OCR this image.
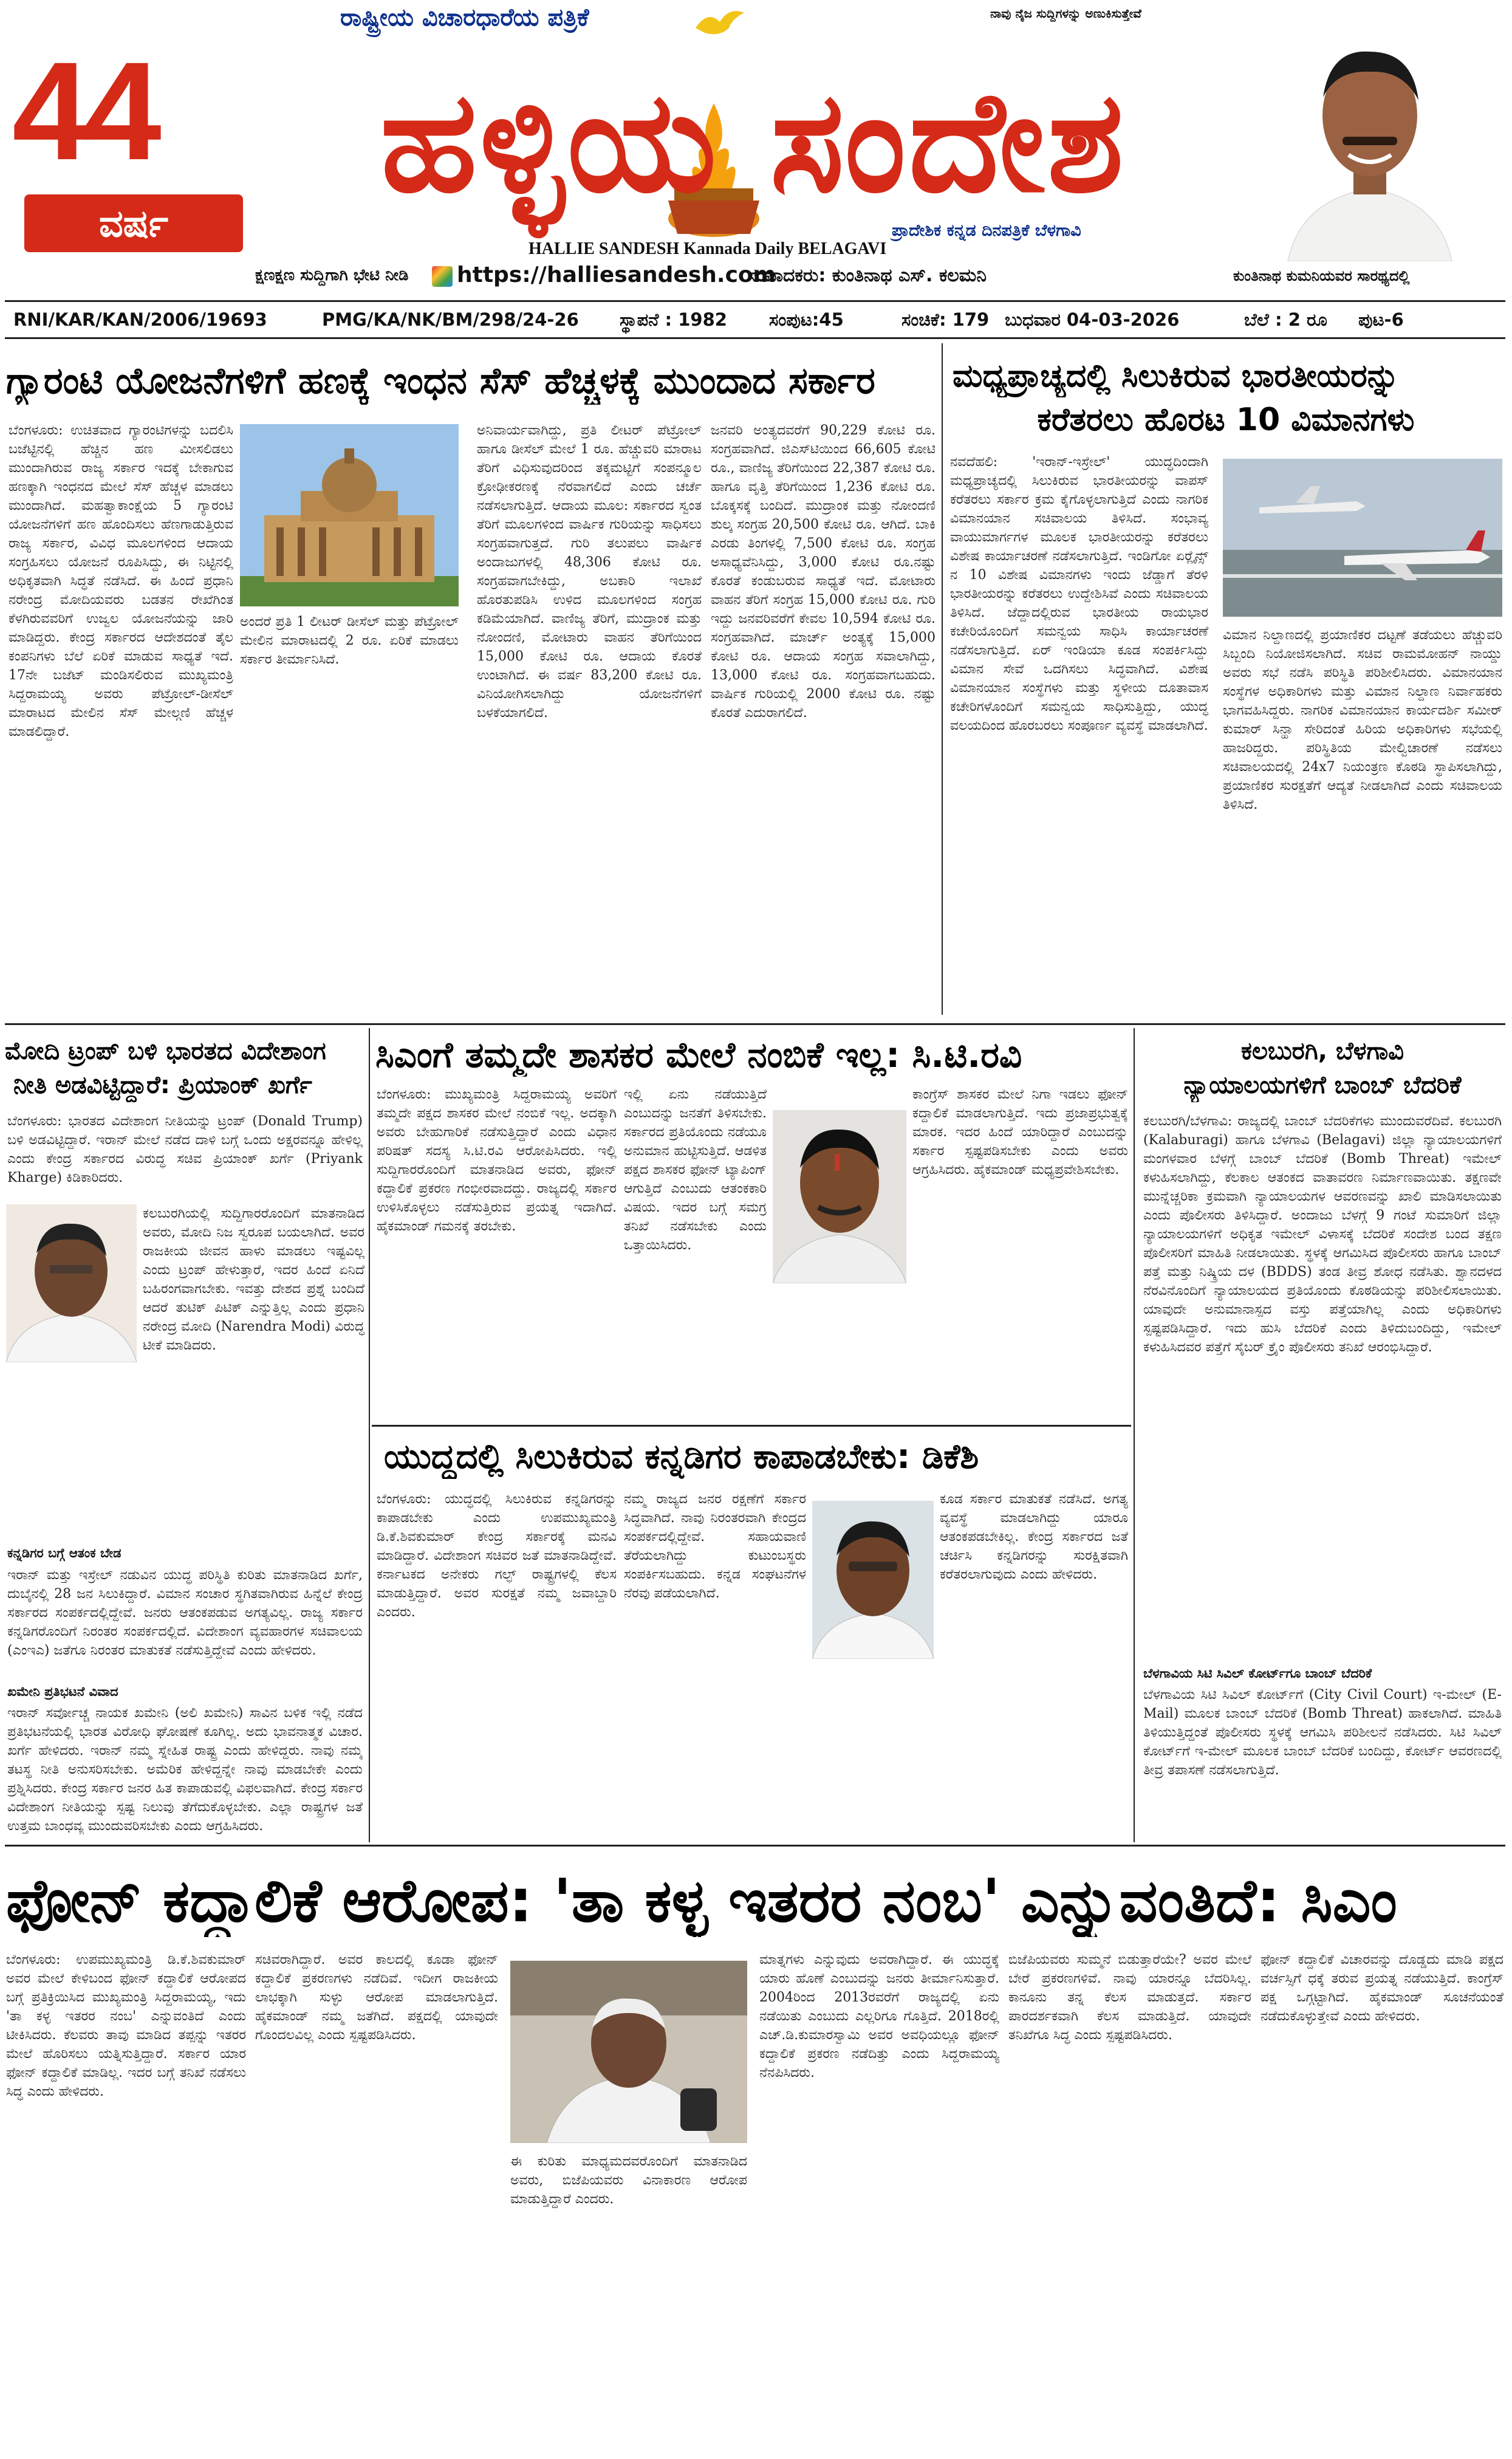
ರಾಷ್ಟ್ರೀಯ ವಿಚಾರಧಾರೆಯ ಪತ್ರಿಕೆ	ನಾವು ನೈಜ ಸುದ್ದಿಗಳನ್ನು ಅಣುಕಿಸುತ್ತೇವೆ
44
ವರ್ಷ	ಹಳ್ಳಿಯ ಸಂದೇಶ
ಪ್ರಾದೇಶಿಕ ಕನ್ನಡ ದಿನಪತ್ರಿಕೆ ಬೆಳಗಾವಿ
HALLIE SANDESH Kannada Daily BELAGAVI
ಕ್ಷಣಕ್ಷಣ ಸುದ್ದಿಗಾಗಿ ಭೇಟಿ ನೀಡಿ https://halliesandesh.com
ಸಂಪಾದಕರು: ಕುಂತಿನಾಥ ಎಸ್. ಕಲಮನಿ	ಕುಂತಿನಾಥ ಕುಮನಿಯವರ ಸಾರಥ್ಯದಲ್ಲಿ
RNI/KAR/KAN/2006/19693	PMG/KA/NK/BM/298/24-26 ಸ್ಥಾಪನೆ : 1982 ಸಂಪುಟ:45	ಸಂಚಿಕೆ: 179 ಬುಧವಾರ 04-03-2026	ಬೆಲೆ : 2 ರೂ ಪುಟ-6
ಗ್ಯಾರಂಟಿ ಯೋಜನೆಗಳಿಗೆ ಹಣಕ್ಕೆ ಇಂಧನ ಸೆಸ್ ಹೆಚ್ಚಳಕ್ಕೆ ಮುಂದಾದ ಸರ್ಕಾರ
ಬೆಂಗಳೂರು: ಉಚಿತವಾದ ಗ್ಯಾರಂಟಿಗಳನ್ನು ಬದಲಿಸಿ ಬಜೆಟ್ಟಿನಲ್ಲಿ ಹೆಚ್ಚಿನ ಹಣ ಮೀಸಲಿಡಲು ಮುಂದಾಗಿರುವ ರಾಜ್ಯ ಸರ್ಕಾರ ಇದಕ್ಕೆ ಬೇಕಾಗುವ ಹಣಕ್ಕಾಗಿ ಇಂಧನದ ಮೇಲೆ ಸೆಸ್ ಹೆಚ್ಚಳ ಮಾಡಲು ಮುಂದಾಗಿದೆ. ಮಹತ್ವಾಕಾಂಕ್ಷೆಯ 5 ಗ್ಯಾರಂಟಿ ಯೋಜನೆಗಳಿಗೆ ಹಣ ಹೊಂದಿಸಲು ಹೆಣಗಾಡುತ್ತಿರುವ ರಾಜ್ಯ ಸರ್ಕಾರ, ವಿವಿಧ ಮೂಲಗಳಿಂದ ಆದಾಯ ಸಂಗ್ರಹಿಸಲು ಯೋಜನೆ ರೂಪಿಸಿದ್ದು, ಈ ನಿಟ್ಟಿನಲ್ಲಿ ಅಧಿಕೃತವಾಗಿ ಸಿದ್ಧತೆ ನಡೆಸಿದೆ. ಈ ಹಿಂದೆ ಪ್ರಧಾನಿ ನರೇಂದ್ರ ಮೋದಿಯವರು ಬಡತನ ರೇಖೆಗಿಂತ ಕೆಳಗಿರುವವರಿಗೆ ಉಜ್ವಲ ಯೋಜನೆಯನ್ನು ಜಾರಿ ಮಾಡಿದ್ದರು. ಕೇಂದ್ರ ಸರ್ಕಾರದ ಆದೇಶದಂತೆ ತೈಲ ಕಂಪನಿಗಳು ಬೆಲೆ ಏರಿಕೆ ಮಾಡುವ ಸಾಧ್ಯತೆ ಇದೆ. 17ನೇ ಬಜೆಟ್ ಮಂಡಿಸಲಿರುವ ಮುಖ್ಯಮಂತ್ರಿ ಸಿದ್ದರಾಮಯ್ಯ ಅವರು ಪೆಟ್ರೋಲ್-ಡೀಸೆಲ್ ಮಾರಾಟದ ಮೇಲಿನ ಸೆಸ್ ಮೇಲ್ಗಣಿ ಹೆಚ್ಚಳ ಮಾಡಲಿದ್ದಾರೆ.
ಅಂದರೆ ಪ್ರತಿ 1 ಲೀಟರ್ ಡೀಸೆಲ್ ಮತ್ತು ಪೆಟ್ರೋಲ್ ಮೇಲಿನ ಮಾರಾಟದಲ್ಲಿ 2 ರೂ. ಏರಿಕೆ ಮಾಡಲು ಸರ್ಕಾರ ತೀರ್ಮಾನಿಸಿದೆ.
ಅನಿವಾರ್ಯವಾಗಿದ್ದು, ಪ್ರತಿ ಲೀಟರ್ ಪೆಟ್ರೋಲ್ ಹಾಗೂ ಡೀಸೆಲ್ ಮೇಲೆ 1 ರೂ. ಹೆಚ್ಚುವರಿ ಮಾರಾಟ ತೆರಿಗೆ ವಿಧಿಸುವುದರಿಂದ ತಕ್ಕಮಟ್ಟಿಗೆ ಸಂಪನ್ಮೂಲ ಕ್ರೋಢೀಕರಣಕ್ಕೆ ನೆರವಾಗಲಿದೆ ಎಂದು ಚರ್ಚೆ ನಡೆಸಲಾಗುತ್ತಿದೆ. ಆದಾಯ ಮೂಲ: ಸರ್ಕಾರದ ಸ್ವಂತ ತೆರಿಗೆ ಮೂಲಗಳಿಂದ ವಾರ್ಷಿಕ ಗುರಿಯನ್ನು ಸಾಧಿಸಲು ಸಂಗ್ರಹವಾಗುತ್ತದೆ. ಗುರಿ ತಲುಪಲು ವಾರ್ಷಿಕ ಅಂದಾಜುಗಳಲ್ಲಿ 48,306 ಕೋಟಿ ರೂ. ಸಂಗ್ರಹವಾಗಬೇಕಿದ್ದು, ಅಬಕಾರಿ ಇಲಾಖೆ ಹೊರತುಪಡಿಸಿ ಉಳಿದ ಮೂಲಗಳಿಂದ ಸಂಗ್ರಹ ಕಡಿಮೆಯಾಗಿದೆ. ವಾಣಿಜ್ಯ ತೆರಿಗೆ, ಮುದ್ರಾಂಕ ಮತ್ತು ನೋಂದಣಿ, ಮೋಟಾರು ವಾಹನ ತೆರಿಗೆಯಿಂದ 15,000 ಕೋಟಿ ರೂ. ಆದಾಯ ಕೊರತೆ ಉಂಟಾಗಿದೆ. ಈ ವರ್ಷ 83,200 ಕೋಟಿ ರೂ. ವಿನಿಯೋಗಿಸಲಾಗಿದ್ದು ಯೋಜನೆಗಳಿಗೆ ಬಳಕೆಯಾಗಲಿದೆ.
ಜನವರಿ ಅಂತ್ಯದವರೆಗೆ 90,229 ಕೋಟಿ ರೂ. ಸಂಗ್ರಹವಾಗಿದೆ. ಜಿಎಸ್‍ಟಿಯಿಂದ 66,605 ಕೋಟಿ ರೂ., ವಾಣಿಜ್ಯ ತೆರಿಗೆಯಿಂದ 22,387 ಕೋಟಿ ರೂ. ಹಾಗೂ ವೃತ್ತಿ ತೆರಿಗೆಯಿಂದ 1,236 ಕೋಟಿ ರೂ. ಬೊಕ್ಕಸಕ್ಕೆ ಬಂದಿದೆ. ಮುದ್ರಾಂಕ ಮತ್ತು ನೋಂದಣಿ ಶುಲ್ಕ ಸಂಗ್ರಹ 20,500 ಕೋಟಿ ರೂ. ಆಗಿದೆ. ಬಾಕಿ ಎರಡು ತಿಂಗಳಲ್ಲಿ 7,500 ಕೋಟಿ ರೂ. ಸಂಗ್ರಹ ಅಸಾಧ್ಯವೆನಿಸಿದ್ದು, 3,000 ಕೋಟಿ ರೂ.ನಷ್ಟು ಕೊರತೆ ಕಂಡುಬರುವ ಸಾಧ್ಯತೆ ಇದೆ. ಮೋಟಾರು ವಾಹನ ತೆರಿಗೆ ಸಂಗ್ರಹ 15,000 ಕೋಟಿ ರೂ. ಗುರಿ ಇದ್ದು ಜನವರಿವರೆಗೆ ಕೇವಲ 10,594 ಕೋಟಿ ರೂ. ಸಂಗ್ರಹವಾಗಿದೆ. ಮಾರ್ಚ್ ಅಂತ್ಯಕ್ಕೆ 15,000 ಕೋಟಿ ರೂ. ಆದಾಯ ಸಂಗ್ರಹ ಸವಾಲಾಗಿದ್ದು, 13,000 ಕೋಟಿ ರೂ. ಸಂಗ್ರಹವಾಗಬಹುದು. ವಾರ್ಷಿಕ ಗುರಿಯಲ್ಲಿ 2000 ಕೋಟಿ ರೂ. ನಷ್ಟು ಕೊರತೆ ಎದುರಾಗಲಿದೆ.
ಮಧ್ಯಪ್ರಾಚ್ಯದಲ್ಲಿ ಸಿಲುಕಿರುವ ಭಾರತೀಯರನ್ನು
ಕರೆತರಲು ಹೊರಟ 10 ವಿಮಾನಗಳು
ನವದೆಹಲಿ: 'ಇರಾನ್-ಇಸ್ರೇಲ್' ಯುದ್ಧದಿಂದಾಗಿ ಮಧ್ಯಪ್ರಾಚ್ಯದಲ್ಲಿ ಸಿಲುಕಿರುವ ಭಾರತೀಯರನ್ನು ವಾಪಸ್ ಕರೆತರಲು ಸರ್ಕಾರ ಕ್ರಮ ಕೈಗೊಳ್ಳಲಾಗುತ್ತಿದೆ ಎಂದು ನಾಗರಿಕ ವಿಮಾನಯಾನ ಸಚಿವಾಲಯ ತಿಳಿಸಿದೆ. ಸಂಭಾವ್ಯ ವಾಯುಮಾರ್ಗಗಳ ಮೂಲಕ ಭಾರತೀಯರನ್ನು ಕರೆತರಲು ವಿಶೇಷ ಕಾರ್ಯಾಚರಣೆ ನಡೆಸಲಾಗುತ್ತಿದೆ. ಇಂಡಿಗೋ ಏರ್‍ಲೈನ್ಸ್ ನ 10 ವಿಶೇಷ ವಿಮಾನಗಳು ಇಂದು ಜೆಡ್ಡಾಗೆ ತೆರಳಿ ಭಾರತೀಯರನ್ನು ಕರೆತರಲು ಉದ್ದೇಶಿಸಿವೆ ಎಂದು ಸಚಿವಾಲಯ ತಿಳಿಸಿದೆ. ಜೆದ್ದಾದಲ್ಲಿರುವ ಭಾರತೀಯ ರಾಯಭಾರ ಕಚೇರಿಯೊಂದಿಗೆ ಸಮನ್ವಯ ಸಾಧಿಸಿ ಕಾರ್ಯಾಚರಣೆ ನಡೆಸಲಾಗುತ್ತಿದೆ. ಏರ್ ಇಂಡಿಯಾ ಕೂಡ ಸಂಪರ್ಕಿಸಿದ್ದು ವಿಮಾನ ಸೇವೆ ಒದಗಿಸಲು ಸಿದ್ಧವಾಗಿದೆ. ವಿಶೇಷ ವಿಮಾನಯಾನ ಸಂಸ್ಥೆಗಳು ಮತ್ತು ಸ್ಥಳೀಯ ದೂತಾವಾಸ ಕಚೇರಿಗಳೊಂದಿಗೆ ಸಮನ್ವಯ ಸಾಧಿಸುತ್ತಿದ್ದು, ಯುದ್ಧ ವಲಯದಿಂದ ಹೊರಬರಲು ಸಂಪೂರ್ಣ ವ್ಯವಸ್ಥೆ ಮಾಡಲಾಗಿದೆ.
ವಿಮಾನ ನಿಲ್ದಾಣದಲ್ಲಿ ಪ್ರಯಾಣಿಕರ ದಟ್ಟಣೆ ತಡೆಯಲು ಹೆಚ್ಚುವರಿ ಸಿಬ್ಬಂದಿ ನಿಯೋಜಿಸಲಾಗಿದೆ. ಸಚಿವ ರಾಮಮೋಹನ್ ನಾಯ್ಡು ಅವರು ಸಭೆ ನಡೆಸಿ ಪರಿಸ್ಥಿತಿ ಪರಿಶೀಲಿಸಿದರು. ವಿಮಾನಯಾನ ಸಂಸ್ಥೆಗಳ ಅಧಿಕಾರಿಗಳು ಮತ್ತು ವಿಮಾನ ನಿಲ್ದಾಣ ನಿರ್ವಾಹಕರು ಭಾಗವಹಿಸಿದ್ದರು. ನಾಗರಿಕ ವಿಮಾನಯಾನ ಕಾರ್ಯದರ್ಶಿ ಸಮೀರ್ ಕುಮಾರ್ ಸಿನ್ಹಾ ಸೇರಿದಂತೆ ಹಿರಿಯ ಅಧಿಕಾರಿಗಳು ಸಭೆಯಲ್ಲಿ ಹಾಜರಿದ್ದರು. ಪರಿಸ್ಥಿತಿಯ ಮೇಲ್ವಿಚಾರಣೆ ನಡೆಸಲು ಸಚಿವಾಲಯದಲ್ಲಿ 24x7 ನಿಯಂತ್ರಣ ಕೊಠಡಿ ಸ್ಥಾಪಿಸಲಾಗಿದ್ದು, ಪ್ರಯಾಣಿಕರ ಸುರಕ್ಷತೆಗೆ ಆದ್ಯತೆ ನೀಡಲಾಗಿದೆ ಎಂದು ಸಚಿವಾಲಯ ತಿಳಿಸಿದೆ.
ಮೋದಿ ಟ್ರಂಪ್ ಬಳಿ ಭಾರತದ ವಿದೇಶಾಂಗ
ನೀತಿ ಅಡವಿಟ್ಟಿದ್ದಾರೆ: ಪ್ರಿಯಾಂಕ್ ಖರ್ಗೆ
ಬೆಂಗಳೂರು: ಭಾರತದ ವಿದೇಶಾಂಗ ನೀತಿಯನ್ನು ಟ್ರಂಪ್ (Donald Trump) ಬಳಿ ಅಡವಿಟ್ಟಿದ್ದಾರೆ. ಇರಾನ್ ಮೇಲೆ ನಡೆದ ದಾಳಿ ಬಗ್ಗೆ ಒಂದು ಅಕ್ಷರವನ್ನೂ ಹೇಳಿಲ್ಲ ಎಂದು ಕೇಂದ್ರ ಸರ್ಕಾರದ ವಿರುದ್ಧ ಸಚಿವ ಪ್ರಿಯಾಂಕ್ ಖರ್ಗೆ (Priyank Kharge) ಕಿಡಿಕಾರಿದರು.
ಕಲಬುರಗಿಯಲ್ಲಿ ಸುದ್ದಿಗಾರರೊಂದಿಗೆ ಮಾತನಾಡಿದ ಅವರು, ಮೋದಿ ನಿಜ ಸ್ವರೂಪ ಬಯಲಾಗಿದೆ. ಅವರ ರಾಜಕೀಯ ಜೀವನ ಹಾಳು ಮಾಡಲು ಇಷ್ಟವಿಲ್ಲ ಎಂದು ಟ್ರಂಪ್ ಹೇಳುತ್ತಾರೆ, ಇದರ ಹಿಂದೆ ಏನಿದೆ ಬಹಿರಂಗವಾಗಬೇಕು. ಇವತ್ತು ದೇಶದ ಪ್ರಶ್ನೆ ಬಂದಿದೆ ಆದರೆ ತುಟಿಕ್ ಪಿಟಿಕ್ ಎನ್ನುತ್ತಿಲ್ಲ ಎಂದು ಪ್ರಧಾನಿ ನರೇಂದ್ರ ಮೋದಿ (Narendra Modi) ವಿರುದ್ಧ ಟೀಕೆ ಮಾಡಿದರು.
ಕನ್ನಡಿಗರ ಬಗ್ಗೆ ಆತಂಕ ಬೇಡ
ಇರಾನ್ ಮತ್ತು ಇಸ್ರೇಲ್ ನಡುವಿನ ಯುದ್ಧ ಪರಿಸ್ಥಿತಿ ಕುರಿತು ಮಾತನಾಡಿದ ಖರ್ಗೆ, ದುಬೈನಲ್ಲಿ 28 ಜನ ಸಿಲುಕಿದ್ದಾರೆ. ವಿಮಾನ ಸಂಚಾರ ಸ್ಥಗಿತವಾಗಿರುವ ಹಿನ್ನೆಲೆ ಕೇಂದ್ರ ಸರ್ಕಾರದ ಸಂಪರ್ಕದಲ್ಲಿದ್ದೇವೆ. ಜನರು ಆತಂಕಪಡುವ ಅಗತ್ಯವಿಲ್ಲ. ರಾಜ್ಯ ಸರ್ಕಾರ ಕನ್ನಡಿಗರೊಂದಿಗೆ ನಿರಂತರ ಸಂಪರ್ಕದಲ್ಲಿದೆ. ವಿದೇಶಾಂಗ ವ್ಯವಹಾರಗಳ ಸಚಿವಾಲಯ (ಎಂಇಎ) ಜತೆಗೂ ನಿರಂತರ ಮಾತುಕತೆ ನಡೆಸುತ್ತಿದ್ದೇವೆ ಎಂದು ಹೇಳಿದರು.
ಖಮೇನಿ ಪ್ರತಿಭಟನೆ ವಿವಾದ
ಇರಾನ್ ಸರ್ವೋಚ್ಚ ನಾಯಕ ಖಮೇನಿ (ಅಲಿ ಖಮೇನಿ) ಸಾವಿನ ಬಳಿಕ ಇಲ್ಲಿ ನಡೆದ ಪ್ರತಿಭಟನೆಯಲ್ಲಿ ಭಾರತ ವಿರೋಧಿ ಘೋಷಣೆ ಕೂಗಿಲ್ಲ. ಅದು ಭಾವನಾತ್ಮಕ ವಿಚಾರ. ಖರ್ಗೆ ಹೇಳಿದರು. ಇರಾನ್ ನಮ್ಮ ಸ್ನೇಹಿತ ರಾಷ್ಟ್ರ ಎಂದು ಹೇಳಿದ್ದರು. ನಾವು ನಮ್ಮ ತಟಸ್ಥ ನೀತಿ ಅನುಸರಿಸಬೇಕು. ಅಮೆರಿಕ ಹೇಳಿದ್ದನ್ನೇ ನಾವು ಮಾಡಬೇಕೇ ಎಂದು ಪ್ರಶ್ನಿಸಿದರು. ಕೇಂದ್ರ ಸರ್ಕಾರ ಜನರ ಹಿತ ಕಾಪಾಡುವಲ್ಲಿ ವಿಫಲವಾಗಿದೆ. ಕೇಂದ್ರ ಸರ್ಕಾರ ವಿದೇಶಾಂಗ ನೀತಿಯನ್ನು ಸ್ಪಷ್ಟ ನಿಲುವು ತೆಗೆದುಕೊಳ್ಳಬೇಕು. ಎಲ್ಲಾ ರಾಷ್ಟ್ರಗಳ ಜತೆ ಉತ್ತಮ ಬಾಂಧವ್ಯ ಮುಂದುವರಿಸಬೇಕು ಎಂದು ಆಗ್ರಹಿಸಿದರು.
ಸಿಎಂಗೆ ತಮ್ಮದೇ ಶಾಸಕರ ಮೇಲೆ ನಂಬಿಕೆ ಇಲ್ಲ: ಸಿ.ಟಿ.ರವಿ
ಬೆಂಗಳೂರು: ಮುಖ್ಯಮಂತ್ರಿ ಸಿದ್ದರಾಮಯ್ಯ ಅವರಿಗೆ ತಮ್ಮದೇ ಪಕ್ಷದ ಶಾಸಕರ ಮೇಲೆ ನಂಬಿಕೆ ಇಲ್ಲ. ಅದಕ್ಕಾಗಿ ಅವರು ಬೇಹುಗಾರಿಕೆ ನಡೆಸುತ್ತಿದ್ದಾರೆ ಎಂದು ವಿಧಾನ ಪರಿಷತ್ ಸದಸ್ಯ ಸಿ.ಟಿ.ರವಿ ಆರೋಪಿಸಿದರು. ಇಲ್ಲಿ ಸುದ್ದಿಗಾರರೊಂದಿಗೆ ಮಾತನಾಡಿದ ಅವರು, ಫೋನ್ ಕದ್ದಾಲಿಕೆ ಪ್ರಕರಣ ಗಂಭೀರವಾದದ್ದು. ರಾಜ್ಯದಲ್ಲಿ ಸರ್ಕಾರ ಉಳಿಸಿಕೊಳ್ಳಲು ನಡೆಸುತ್ತಿರುವ ಪ್ರಯತ್ನ ಇದಾಗಿದೆ. ಹೈಕಮಾಂಡ್ ಗಮನಕ್ಕೆ ತರಬೇಕು.
ಇಲ್ಲಿ ಏನು ನಡೆಯುತ್ತಿದೆ ಎಂಬುದನ್ನು ಜನತೆಗೆ ತಿಳಿಸಬೇಕು. ಸರ್ಕಾರದ ಪ್ರತಿಯೊಂದು ನಡೆಯೂ ಅನುಮಾನ ಹುಟ್ಟಿಸುತ್ತಿದೆ. ಆಡಳಿತ ಪಕ್ಷದ ಶಾಸಕರ ಫೋನ್ ಟ್ಯಾಪಿಂಗ್ ಆಗುತ್ತಿದೆ ಎಂಬುದು ಆತಂಕಕಾರಿ ವಿಷಯ. ಇದರ ಬಗ್ಗೆ ಸಮಗ್ರ ತನಿಖೆ ನಡೆಸಬೇಕು ಎಂದು ಒತ್ತಾಯಿಸಿದರು.
ಕಾಂಗ್ರೆಸ್ ಶಾಸಕರ ಮೇಲೆ ನಿಗಾ ಇಡಲು ಫೋನ್ ಕದ್ದಾಲಿಕೆ ಮಾಡಲಾಗುತ್ತಿದೆ. ಇದು ಪ್ರಜಾಪ್ರಭುತ್ವಕ್ಕೆ ಮಾರಕ. ಇದರ ಹಿಂದೆ ಯಾರಿದ್ದಾರೆ ಎಂಬುದನ್ನು ಸರ್ಕಾರ ಸ್ಪಷ್ಟಪಡಿಸಬೇಕು ಎಂದು ಅವರು ಆಗ್ರಹಿಸಿದರು. ಹೈಕಮಾಂಡ್ ಮಧ್ಯಪ್ರವೇಶಿಸಬೇಕು.
ಯುದ್ಧದಲ್ಲಿ ಸಿಲುಕಿರುವ ಕನ್ನಡಿಗರ ಕಾಪಾಡಬೇಕು: ಡಿಕೆಶಿ
ಬೆಂಗಳೂರು: ಯುದ್ಧದಲ್ಲಿ ಸಿಲುಕಿರುವ ಕನ್ನಡಿಗರನ್ನು ಕಾಪಾಡಬೇಕು ಎಂದು ಉಪಮುಖ್ಯಮಂತ್ರಿ ಡಿ.ಕೆ.ಶಿವಕುಮಾರ್ ಕೇಂದ್ರ ಸರ್ಕಾರಕ್ಕೆ ಮನವಿ ಮಾಡಿದ್ದಾರೆ. ವಿದೇಶಾಂಗ ಸಚಿವರ ಜತೆ ಮಾತನಾಡಿದ್ದೇವೆ. ಕರ್ನಾಟಕದ ಅನೇಕರು ಗಲ್ಫ್ ರಾಷ್ಟ್ರಗಳಲ್ಲಿ ಕೆಲಸ ಮಾಡುತ್ತಿದ್ದಾರೆ. ಅವರ ಸುರಕ್ಷತೆ ನಮ್ಮ ಜವಾಬ್ದಾರಿ ಎಂದರು.
ನಮ್ಮ ರಾಜ್ಯದ ಜನರ ರಕ್ಷಣೆಗೆ ಸರ್ಕಾರ ಸಿದ್ಧವಾಗಿದೆ. ನಾವು ನಿರಂತರವಾಗಿ ಕೇಂದ್ರದ ಸಂಪರ್ಕದಲ್ಲಿದ್ದೇವೆ. ಸಹಾಯವಾಣಿ ತೆರೆಯಲಾಗಿದ್ದು ಕುಟುಂಬಸ್ಥರು ಸಂಪರ್ಕಿಸಬಹುದು. ಕನ್ನಡ ಸಂಘಟನೆಗಳ ನೆರವು ಪಡೆಯಲಾಗಿದೆ.
ಕೂಡ ಸರ್ಕಾರ ಮಾತುಕತೆ ನಡೆಸಿದೆ. ಅಗತ್ಯ ವ್ಯವಸ್ಥೆ ಮಾಡಲಾಗಿದ್ದು ಯಾರೂ ಆತಂಕಪಡಬೇಕಿಲ್ಲ. ಕೇಂದ್ರ ಸರ್ಕಾರದ ಜತೆ ಚರ್ಚಿಸಿ ಕನ್ನಡಿಗರನ್ನು ಸುರಕ್ಷಿತವಾಗಿ ಕರೆತರಲಾಗುವುದು ಎಂದು ಹೇಳಿದರು.
ಕಲಬುರಗಿ, ಬೆಳಗಾವಿ
ನ್ಯಾಯಾಲಯಗಳಿಗೆ ಬಾಂಬ್ ಬೆದರಿಕೆ
ಕಲಬುರಗಿ/ಬೆಳಗಾವಿ: ರಾಜ್ಯದಲ್ಲಿ ಬಾಂಬ್ ಬೆದರಿಕೆಗಳು ಮುಂದುವರೆದಿವೆ. ಕಲಬುರಗಿ (Kalaburagi) ಹಾಗೂ ಬೆಳಗಾವಿ (Belagavi) ಜಿಲ್ಲಾ ನ್ಯಾಯಾಲಯಗಳಿಗೆ ಮಂಗಳವಾರ ಬೆಳಗ್ಗೆ ಬಾಂಬ್ ಬೆದರಿಕೆ (Bomb Threat) ಇಮೇಲ್ ಕಳುಹಿಸಲಾಗಿದ್ದು, ಕೆಲಕಾಲ ಆತಂಕದ ವಾತಾವರಣ ನಿರ್ಮಾಣವಾಯಿತು. ತಕ್ಷಣವೇ ಮುನ್ನೆಚ್ಚರಿಕಾ ಕ್ರಮವಾಗಿ ನ್ಯಾಯಾಲಯಗಳ ಆವರಣವನ್ನು ಖಾಲಿ ಮಾಡಿಸಲಾಯಿತು ಎಂದು ಪೊಲೀಸರು ತಿಳಿಸಿದ್ದಾರೆ. ಅಂದಾಜು ಬೆಳಗ್ಗೆ 9 ಗಂಟೆ ಸುಮಾರಿಗೆ ಜಿಲ್ಲಾ ನ್ಯಾಯಾಲಯಗಳಿಗೆ ಅಧಿಕೃತ ಇಮೇಲ್ ವಿಳಾಸಕ್ಕೆ ಬೆದರಿಕೆ ಸಂದೇಶ ಬಂದ ತಕ್ಷಣ ಪೊಲೀಸರಿಗೆ ಮಾಹಿತಿ ನೀಡಲಾಯಿತು. ಸ್ಥಳಕ್ಕೆ ಆಗಮಿಸಿದ ಪೊಲೀಸರು ಹಾಗೂ ಬಾಂಬ್ ಪತ್ತೆ ಮತ್ತು ನಿಷ್ಕ್ರಿಯ ದಳ (BDDS) ತಂಡ ತೀವ್ರ ಶೋಧ ನಡೆಸಿತು. ಶ್ವಾನದಳದ ನೆರವಿನೊಂದಿಗೆ ನ್ಯಾಯಾಲಯದ ಪ್ರತಿಯೊಂದು ಕೊಠಡಿಯನ್ನು ಪರಿಶೀಲಿಸಲಾಯಿತು. ಯಾವುದೇ ಅನುಮಾನಾಸ್ಪದ ವಸ್ತು ಪತ್ತೆಯಾಗಿಲ್ಲ ಎಂದು ಅಧಿಕಾರಿಗಳು ಸ್ಪಷ್ಟಪಡಿಸಿದ್ದಾರೆ. ಇದು ಹುಸಿ ಬೆದರಿಕೆ ಎಂದು ತಿಳಿದುಬಂದಿದ್ದು, ಇಮೇಲ್ ಕಳುಹಿಸಿದವರ ಪತ್ತೆಗೆ ಸೈಬರ್ ಕ್ರೈಂ ಪೊಲೀಸರು ತನಿಖೆ ಆರಂಭಿಸಿದ್ದಾರೆ.
ಬೆಳಗಾವಿಯ ಸಿಟಿ ಸಿವಿಲ್ ಕೋರ್ಟ್‌ಗೂ ಬಾಂಬ್ ಬೆದರಿಕೆ
ಬೆಳಗಾವಿಯ ಸಿಟಿ ಸಿವಿಲ್ ಕೋರ್ಟ್‌ಗೆ (City Civil Court) ಇ-ಮೇಲ್ (E-Mail) ಮೂಲಕ ಬಾಂಬ್ ಬೆದರಿಕೆ (Bomb Threat) ಹಾಕಲಾಗಿದೆ. ಮಾಹಿತಿ ತಿಳಿಯುತ್ತಿದ್ದಂತೆ ಪೊಲೀಸರು ಸ್ಥಳಕ್ಕೆ ಆಗಮಿಸಿ ಪರಿಶೀಲನೆ ನಡೆಸಿದರು. ಸಿಟಿ ಸಿವಿಲ್ ಕೋರ್ಟ್‌ಗೆ ಇ-ಮೇಲ್ ಮೂಲಕ ಬಾಂಬ್ ಬೆದರಿಕೆ ಬಂದಿದ್ದು, ಕೋರ್ಟ್ ಆವರಣದಲ್ಲಿ ತೀವ್ರ ತಪಾಸಣೆ ನಡೆಸಲಾಗುತ್ತಿದೆ.
ಫೋನ್ ಕದ್ದಾಲಿಕೆ ಆರೋಪ: 'ತಾ ಕಳ್ಳ ಇತರರ ನಂಬ' ಎನ್ನುವಂತಿದೆ: ಸಿಎಂ
ಬೆಂಗಳೂರು: ಉಪಮುಖ್ಯಮಂತ್ರಿ ಡಿ.ಕೆ.ಶಿವಕುಮಾರ್ ಅವರ ಮೇಲೆ ಕೇಳಿಬಂದ ಫೋನ್ ಕದ್ದಾಲಿಕೆ ಆರೋಪದ ಬಗ್ಗೆ ಪ್ರತಿಕ್ರಿಯಿಸಿದ ಮುಖ್ಯಮಂತ್ರಿ ಸಿದ್ದರಾಮಯ್ಯ, ಇದು 'ತಾ ಕಳ್ಳ ಇತರರ ನಂಬ' ಎನ್ನುವಂತಿದೆ ಎಂದು ಟೀಕಿಸಿದರು. ಕೆಲವರು ತಾವು ಮಾಡಿದ ತಪ್ಪನ್ನು ಇತರರ ಮೇಲೆ ಹೊರಿಸಲು ಯತ್ನಿಸುತ್ತಿದ್ದಾರೆ. ಸರ್ಕಾರ ಯಾರ ಫೋನ್ ಕದ್ದಾಲಿಕೆ ಮಾಡಿಲ್ಲ. ಇದರ ಬಗ್ಗೆ ತನಿಖೆ ನಡೆಸಲು ಸಿದ್ಧ ಎಂದು ಹೇಳಿದರು.
ಸಚಿವರಾಗಿದ್ದಾರೆ. ಅವರ ಕಾಲದಲ್ಲಿ ಕೂಡಾ ಫೋನ್ ಕದ್ದಾಲಿಕೆ ಪ್ರಕರಣಗಳು ನಡೆದಿವೆ. ಇದೀಗ ರಾಜಕೀಯ ಲಾಭಕ್ಕಾಗಿ ಸುಳ್ಳು ಆರೋಪ ಮಾಡಲಾಗುತ್ತಿದೆ. ಹೈಕಮಾಂಡ್ ನಮ್ಮ ಜತೆಗಿದೆ. ಪಕ್ಷದಲ್ಲಿ ಯಾವುದೇ ಗೊಂದಲವಿಲ್ಲ ಎಂದು ಸ್ಪಷ್ಟಪಡಿಸಿದರು.
ಈ ಕುರಿತು ಮಾಧ್ಯಮದವರೊಂದಿಗೆ ಮಾತನಾಡಿದ ಅವರು, ಬಿಜೆಪಿಯವರು ವಿನಾಕಾರಣ ಆರೋಪ ಮಾಡುತ್ತಿದ್ದಾರೆ ಎಂದರು.
ಮಾತ್ನಗಳು ಎನ್ನುವುದು ಅವರಾಗಿದ್ದಾರೆ. ಈ ಯುದ್ಧಕ್ಕೆ ಯಾರು ಹೊಣೆ ಎಂಬುದನ್ನು ಜನರು ತೀರ್ಮಾನಿಸುತ್ತಾರೆ. 2004ರಿಂದ 2013ರವರೆಗೆ ರಾಜ್ಯದಲ್ಲಿ ಏನು ನಡೆಯಿತು ಎಂಬುದು ಎಲ್ಲರಿಗೂ ಗೊತ್ತಿದೆ. 2018ರಲ್ಲಿ ಎಚ್.ಡಿ.ಕುಮಾರಸ್ವಾಮಿ ಅವರ ಅವಧಿಯಲ್ಲೂ ಫೋನ್ ಕದ್ದಾಲಿಕೆ ಪ್ರಕರಣ ನಡೆದಿತ್ತು ಎಂದು ಸಿದ್ದರಾಮಯ್ಯ ನೆನಪಿಸಿದರು.
ಬಿಜೆಪಿಯವರು ಸುಮ್ಮನೆ ಬಿಡುತ್ತಾರೆಯೇ? ಅವರ ಮೇಲೆ ಬೇರೆ ಪ್ರಕರಣಗಳಿವೆ. ನಾವು ಯಾರನ್ನೂ ಬೆದರಿಸಿಲ್ಲ. ಕಾನೂನು ತನ್ನ ಕೆಲಸ ಮಾಡುತ್ತದೆ. ಸರ್ಕಾರ ಪಾರದರ್ಶಕವಾಗಿ ಕೆಲಸ ಮಾಡುತ್ತಿದೆ. ಯಾವುದೇ ತನಿಖೆಗೂ ಸಿದ್ಧ ಎಂದು ಸ್ಪಷ್ಟಪಡಿಸಿದರು.
ಫೋನ್ ಕದ್ದಾಲಿಕೆ ವಿಚಾರವನ್ನು ದೊಡ್ಡದು ಮಾಡಿ ಪಕ್ಷದ ವರ್ಚಸ್ಸಿಗೆ ಧಕ್ಕೆ ತರುವ ಪ್ರಯತ್ನ ನಡೆಯುತ್ತಿದೆ. ಕಾಂಗ್ರೆಸ್ ಪಕ್ಷ ಒಗ್ಗಟ್ಟಾಗಿದೆ. ಹೈಕಮಾಂಡ್ ಸೂಚನೆಯಂತೆ ನಡೆದುಕೊಳ್ಳುತ್ತೇವೆ ಎಂದು ಹೇಳಿದರು.
